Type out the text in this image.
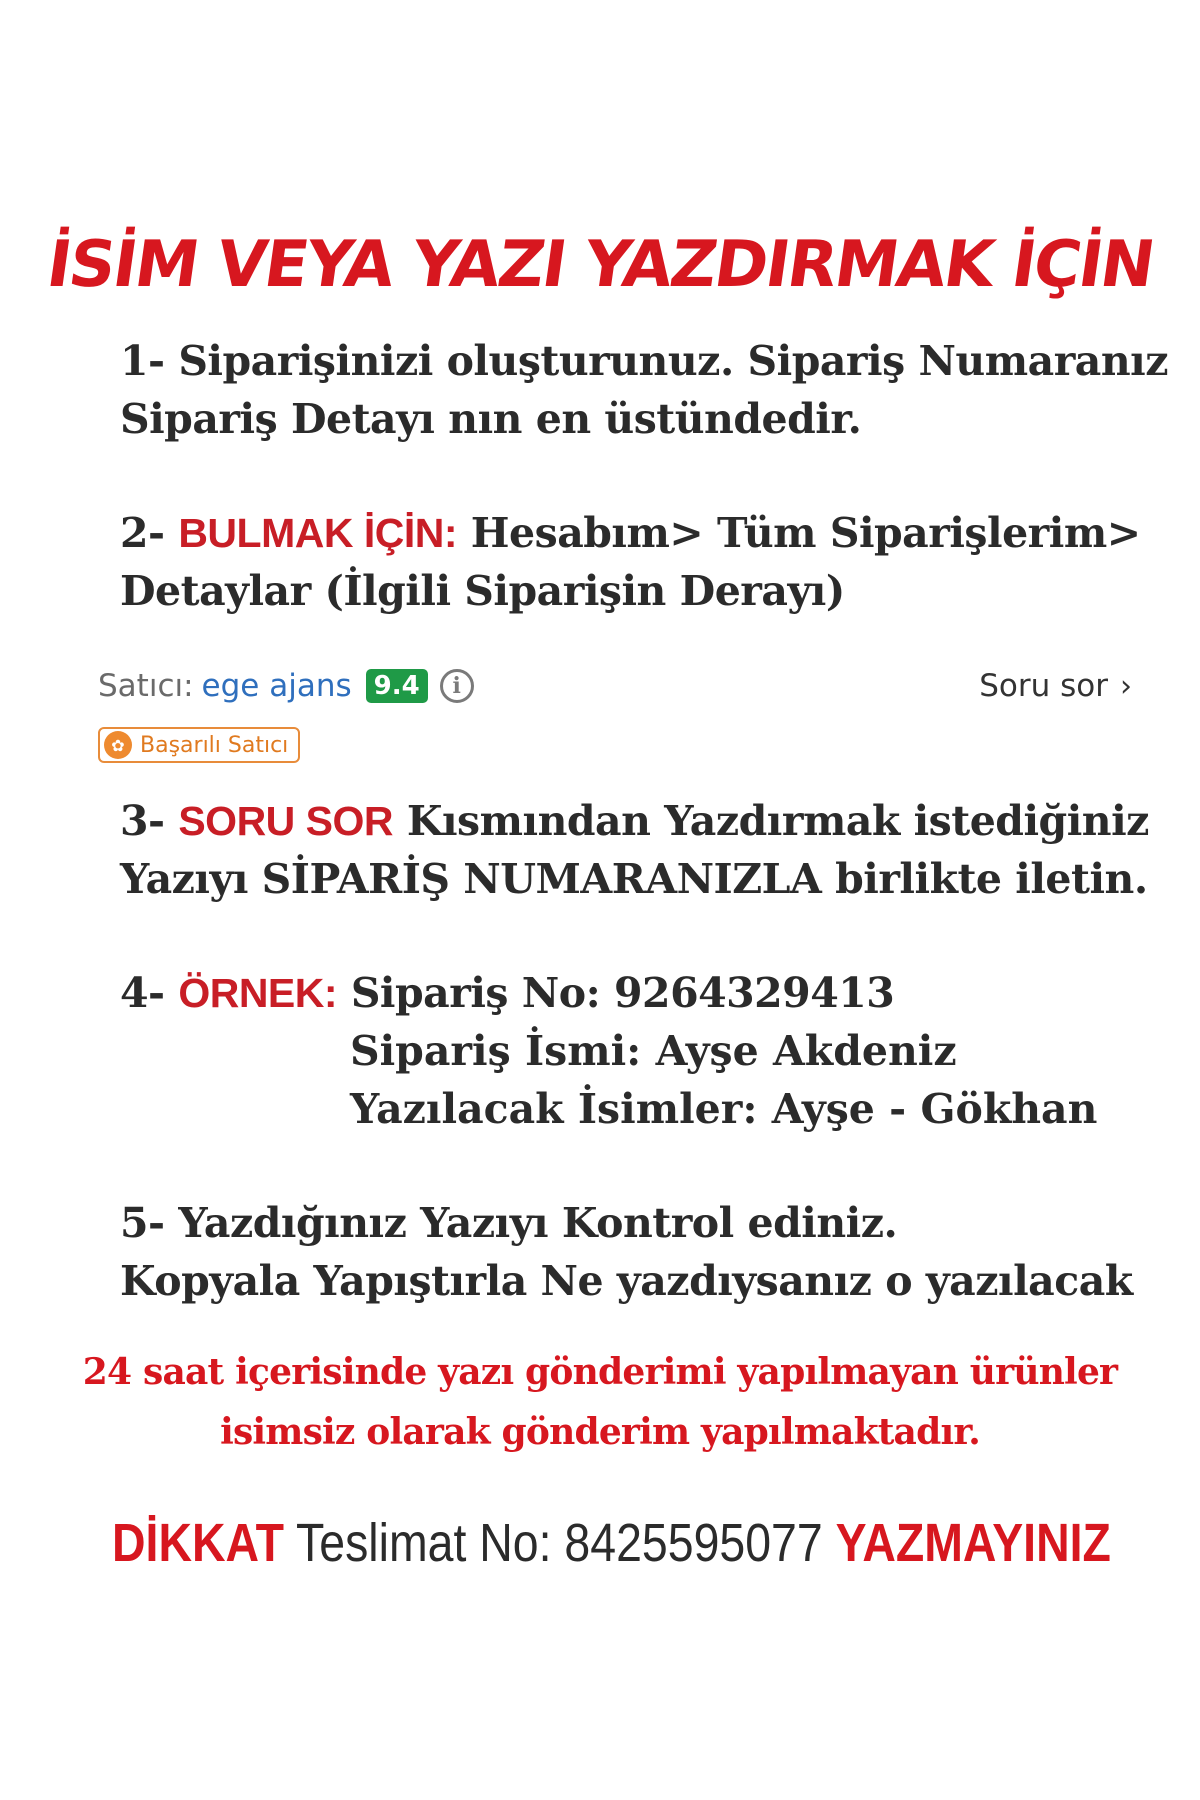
İSİM VEYA YAZI YAZDIRMAK İÇİN
1- Siparişinizi oluşturunuz. Sipariş Numaranız
Sipariş Detayı nın en üstündedir.
2- BULMAK İÇİN: Hesabım> Tüm Siparişlerim>
Detaylar (İlgili Siparişin Derayı)
Satıcı: ege ajans 9.4	i	Soru sor ›
✿ Başarılı Satıcı
3- SORU SOR Kısmından Yazdırmak istediğiniz
Yazıyı SİPARİŞ NUMARANIZLA birlikte iletin.
4- ÖRNEK: Sipariş No: 9264329413
Sipariş İsmi: Ayşe Akdeniz
Yazılacak İsimler: Ayşe - Gökhan
5- Yazdığınız Yazıyı Kontrol ediniz.
Kopyala Yapıştırla Ne yazdıysanız o yazılacak
24 saat içerisinde yazı gönderimi yapılmayan ürünler
isimsiz olarak gönderim yapılmaktadır.
DİKKAT Teslimat No: 8425595077 YAZMAYINIZ
